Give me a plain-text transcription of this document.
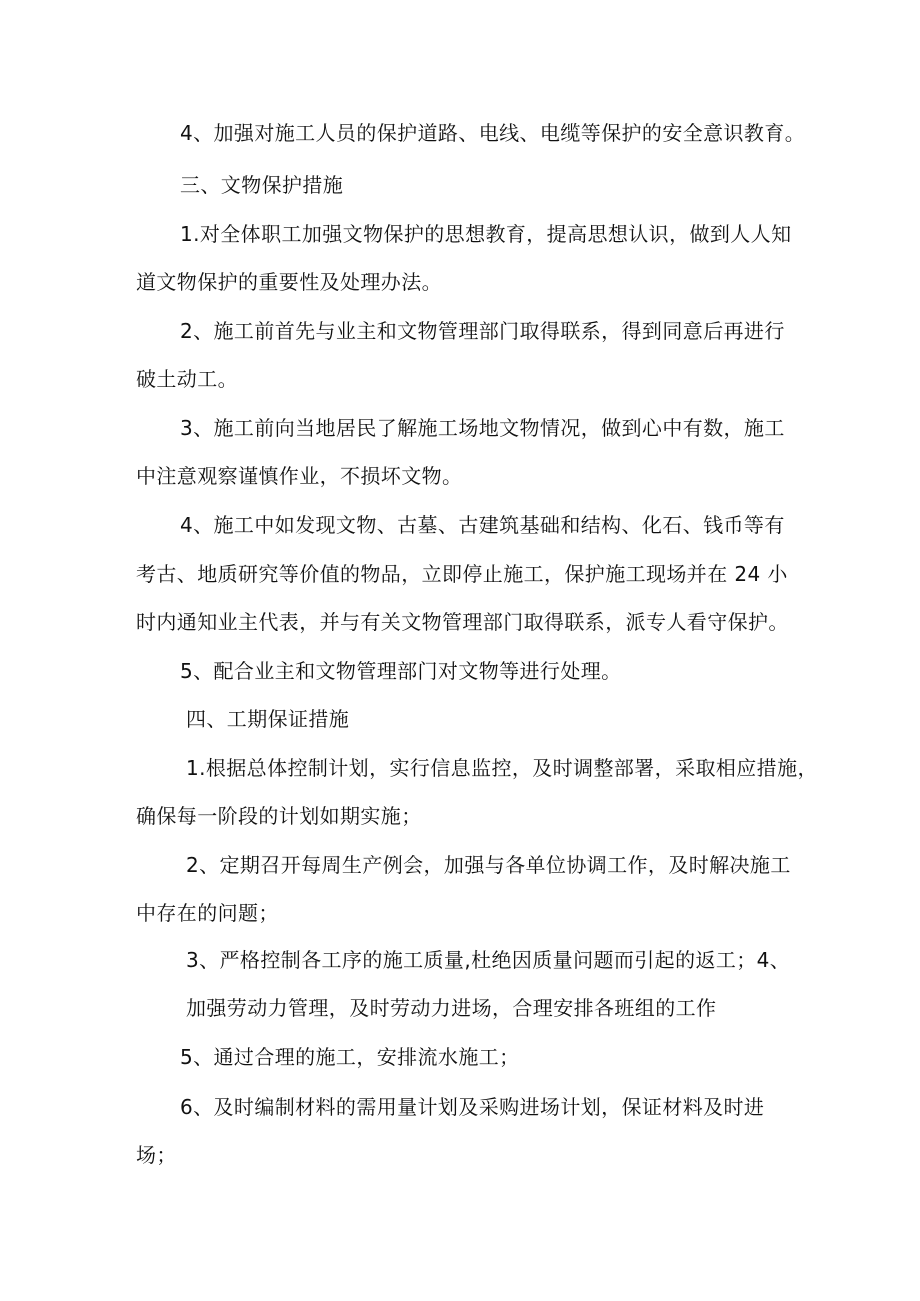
4、加强对施工人员的保护道路、电线、电缆等保护的安全意识教育。
三、文物保护措施
1.对全体职工加强文物保护的思想教育，提高思想认识，做到人人知
道文物保护的重要性及处理办法。
2、施工前首先与业主和文物管理部门取得联系，得到同意后再进行
破土动工。
3、施工前向当地居民了解施工场地文物情况，做到心中有数，施工
中注意观察谨慎作业，不损坏文物。
4、施工中如发现文物、古墓、古建筑基础和结构、化石、钱币等有
考古、地质研究等价值的物品，立即停止施工，保护施工现场并在 24 小
时内通知业主代表，并与有关文物管理部门取得联系，派专人看守保护。
5、配合业主和文物管理部门对文物等进行处理。
四、工期保证措施
1.根据总体控制计划，实行信息监控，及时调整部署，采取相应措施，
确保每一阶段的计划如期实施；
2、定期召开每周生产例会，加强与各单位协调工作，及时解决施工
中存在的问题；
3、严格控制各工序的施工质量,杜绝因质量问题而引起的返工；4、
加强劳动力管理，及时劳动力进场，合理安排各班组的工作
5、通过合理的施工，安排流水施工；
6、及时编制材料的需用量计划及采购进场计划，保证材料及时进
场；
